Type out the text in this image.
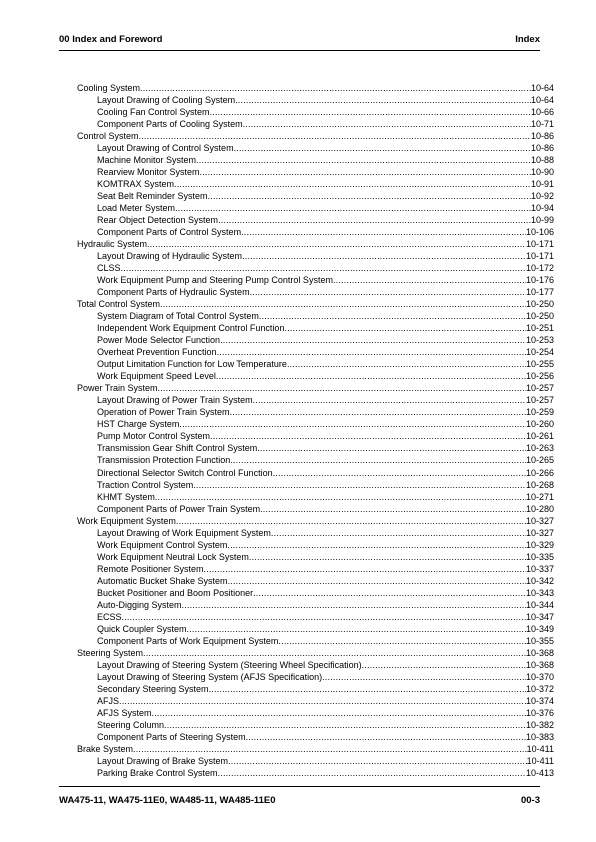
00 Index and Foreword	Index
Cooling System .....	10-64
Layout Drawing of Cooling System .....	10-64
Cooling Fan Control System .....	10-66
Component Parts of Cooling System .....	10-71
Control System .....	10-86
Layout Drawing of Control System .....	10-86
Machine Monitor System .....	10-88
Rearview Monitor System .....	10-90
KOMTRAX System .....	10-91
Seat Belt Reminder System .....	10-92
Load Meter System .....	10-94
Rear Object Detection System .....	10-99
Component Parts of Control System .....	10-106
Hydraulic System .....	10-171
Layout Drawing of Hydraulic System .....	10-171
CLSS .....	10-172
Work Equipment Pump and Steering Pump Control System .....	10-176
Component Parts of Hydraulic System .....	10-177
Total Control System .....	10-250
System Diagram of Total Control System .....	10-250
Independent Work Equipment Control Function .....	10-251
Power Mode Selector Function .....	10-253
Overheat Prevention Function .....	10-254
Output Limitation Function for Low Temperature .....	10-255
Work Equipment Speed Level .....	10-256
Power Train System .....	10-257
Layout Drawing of Power Train System .....	10-257
Operation of Power Train System .....	10-259
HST Charge System .....	10-260
Pump Motor Control System .....	10-261
Transmission Gear Shift Control System .....	10-263
Transmission Protection Function .....	10-265
Directional Selector Switch Control Function .....	10-266
Traction Control System .....	10-268
KHMT System .....	10-271
Component Parts of Power Train System .....	10-280
Work Equipment System .....	10-327
Layout Drawing of Work Equipment System .....	10-327
Work Equipment Control System .....	10-329
Work Equipment Neutral Lock System .....	10-335
Remote Positioner System .....	10-337
Automatic Bucket Shake System .....	10-342
Bucket Positioner and Boom Positioner .....	10-343
Auto-Digging System .....	10-344
ECSS .....	10-347
Quick Coupler System .....	10-349
Component Parts of Work Equipment System .....	10-355
Steering System .....	10-368
Layout Drawing of Steering System (Steering Wheel Specification) .....	10-368
Layout Drawing of Steering System (AFJS Specification) .....	10-370
Secondary Steering System .....	10-372
AFJS .....	10-374
AFJS System .....	10-376
Steering Column .....	10-382
Component Parts of Steering System .....	10-383
Brake System .....	10-411
Layout Drawing of Brake System .....	10-411
Parking Brake Control System .....	10-413
WA475-11, WA475-11E0, WA485-11, WA485-11E0	00-3
